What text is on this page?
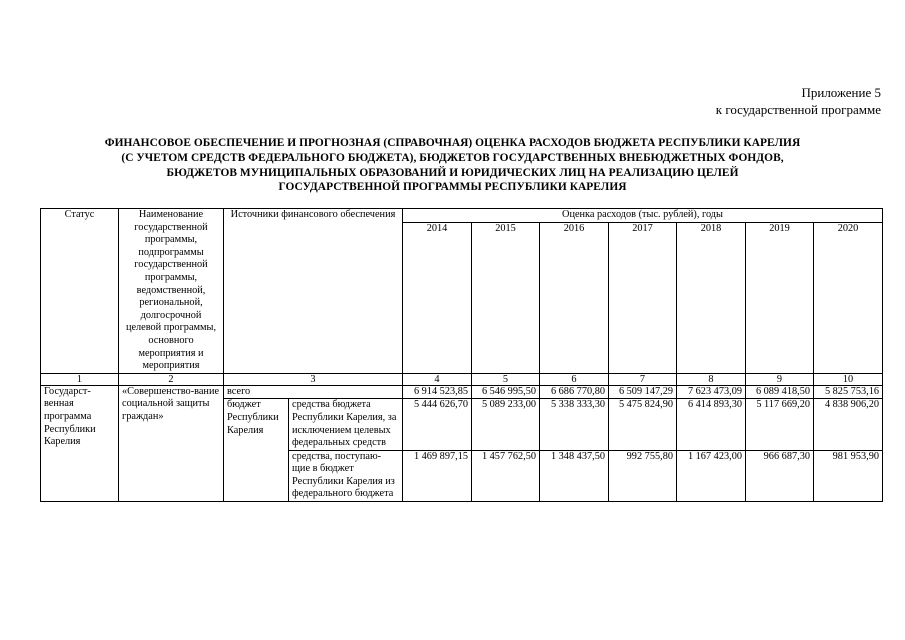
Приложение 5
к государственной программе
ФИНАНСОВОЕ ОБЕСПЕЧЕНИЕ И ПРОГНОЗНАЯ (СПРАВОЧНАЯ) ОЦЕНКА РАСХОДОВ БЮДЖЕТА РЕСПУБЛИКИ КАРЕЛИЯ
(С УЧЕТОМ СРЕДСТВ ФЕДЕРАЛЬНОГО БЮДЖЕТА), БЮДЖЕТОВ ГОСУДАРСТВЕННЫХ ВНЕБЮДЖЕТНЫХ ФОНДОВ,
БЮДЖЕТОВ МУНИЦИПАЛЬНЫХ ОБРАЗОВАНИЙ И ЮРИДИЧЕСКИХ ЛИЦ НА РЕАЛИЗАЦИЮ ЦЕЛЕЙ
ГОСУДАРСТВЕННОЙ ПРОГРАММЫ РЕСПУБЛИКИ КАРЕЛИЯ
Статус	Наименование государственной программы, подпрограммы государственной программы, ведомственной, региональной, долгосрочной целевой программы, основного мероприятия и мероприятия	Источники финансового обеспечения		Оценка расходов (тыс. рублей), годы						
				2014	2015	2016	2017	2018	2019	2020
1	2	3		4	5	6	7	8	9	10
Государст-венная программа Республики Карелия	«Совершенство-вание социальной защиты граждан»	всего		6 914 523,85	6 546 995,50	6 686 770,80	6 509 147,29	7 623 473,09	6 089 418,50	5 825 753,16
		бюджет Республики Карелия	средства бюджета Республики Карелия, за исключением целевых федеральных средств	5 444 626,70	5 089 233,00	5 338 333,30	5 475 824,90	6 414 893,30	5 117 669,20	4 838 906,20
			средства, поступаю-щие в бюджет Республики Карелия из федерального бюджета	1 469 897,15	1 457 762,50	1 348 437,50	992 755,80	1 167 423,00	966 687,30	981 953,90
